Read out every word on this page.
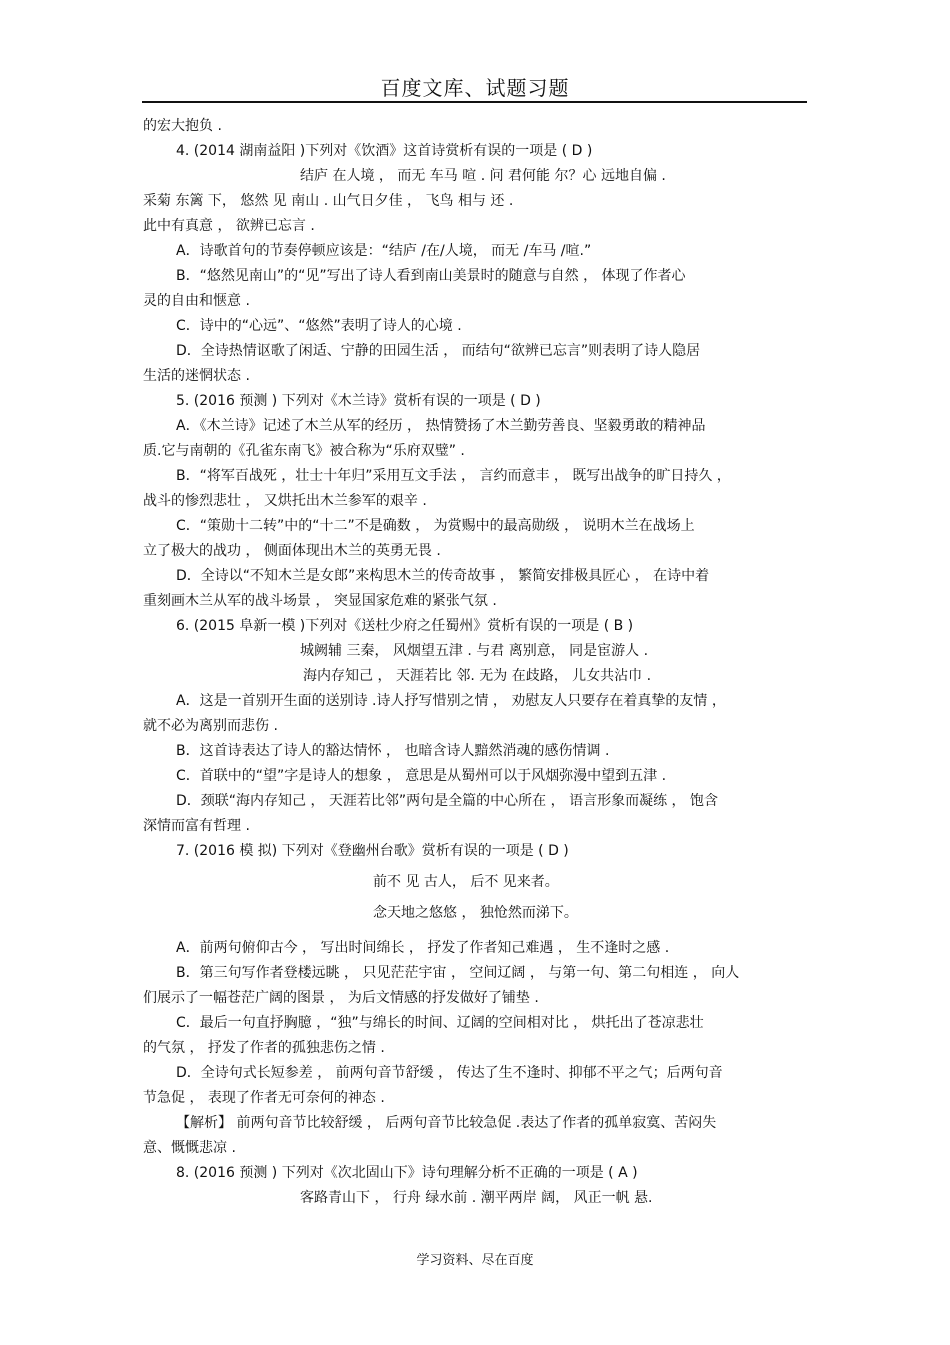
百度文库、试题习题
的宏大抱负 .
4. (2014 湖南益阳 )下列对《饮酒》这首诗赏析有误的一项是 ( D )
结庐 在人境 ， 而无 车马 喧 . 问 君何能 尔？心 远地自偏 .
采菊 东篱 下， 悠然 见 南山 . 山气日夕佳 ， 飞鸟 相与 还 .
此中有真意 ， 欲辨已忘言 .
A．诗歌首句的节奏停顿应该是：“结庐 /在/人境， 而无 /车马 /喧.”
B．“悠然见南山”的“见”写出了诗人看到南山美景时的随意与自然 ， 体现了作者心
灵的自由和惬意 .
C．诗中的“心远”、“悠然”表明了诗人的心境 .
D．全诗热情讴歌了闲适、宁静的田园生活 ， 而结句“欲辨已忘言”则表明了诗人隐居
生活的迷惘状态 .
5. (2016 预测 ) 下列对《木兰诗》赏析有误的一项是 ( D )
A．《木兰诗》记述了木兰从军的经历 ， 热情赞扬了木兰勤劳善良、坚毅勇敢的精神品
质.它与南朝的《孔雀东南飞》被合称为“乐府双璧” .
B．“将军百战死 ，壮士十年归”采用互文手法 ， 言约而意丰 ， 既写出战争的旷日持久 ，
战斗的惨烈悲壮 ， 又烘托出木兰参军的艰辛 .
C．“策勋十二转”中的“十二”不是确数 ， 为赏赐中的最高勋级 ， 说明木兰在战场上
立了极大的战功 ， 侧面体现出木兰的英勇无畏 .
D．全诗以“不知木兰是女郎”来构思木兰的传奇故事 ， 繁简安排极具匠心 ， 在诗中着
重刻画木兰从军的战斗场景 ， 突显国家危难的紧张气氛 .
6. (2015 阜新一模 )下列对《送杜少府之任蜀州》赏析有误的一项是 ( B )
城阙辅 三秦， 风烟望五津 . 与君 离别意， 同是宦游人 .
海内存知己 ， 天涯若比 邻. 无为 在歧路， 儿女共沾巾 .
A．这是一首别开生面的送别诗 .诗人抒写惜别之情 ， 劝慰友人只要存在着真挚的友情 ，
就不必为离别而悲伤 .
B．这首诗表达了诗人的豁达情怀 ， 也暗含诗人黯然消魂的感伤情调 .
C．首联中的“望”字是诗人的想象 ， 意思是从蜀州可以于风烟弥漫中望到五津 .
D．颈联“海内存知己 ， 天涯若比邻”两句是全篇的中心所在 ， 语言形象而凝练 ， 饱含
深情而富有哲理 .
7. (2016 模 拟) 下列对《登幽州台歌》赏析有误的一项是 ( D )
前不 见 古人， 后不 见来者。
念天地之悠悠 ， 独怆然而涕下。
A．前两句俯仰古今 ， 写出时间绵长 ， 抒发了作者知己难遇 ， 生不逢时之感 .
B．第三句写作者登楼远眺 ， 只见茫茫宇宙 ， 空间辽阔 ， 与第一句、第二句相连 ， 向人
们展示了一幅苍茫广阔的图景 ， 为后文情感的抒发做好了铺垫 .
C．最后一句直抒胸臆 ，“独”与绵长的时间、辽阔的空间相对比 ， 烘托出了苍凉悲壮
的气氛 ， 抒发了作者的孤独悲伤之情 .
D．全诗句式长短参差 ， 前两句音节舒缓 ， 传达了生不逢时、抑郁不平之气；后两句音
节急促 ， 表现了作者无可奈何的神态 .
【解析】 前两句音节比较舒缓 ， 后两句音节比较急促 .表达了作者的孤单寂寞、苦闷失
意、慨慨悲凉 .
8. (2016 预测 ) 下列对《次北固山下》诗句理解分析不正确的一项是 ( A )
客路青山下 ， 行舟 绿水前 . 潮平两岸 阔， 风正一帆 悬.
学习资料、尽在百度
